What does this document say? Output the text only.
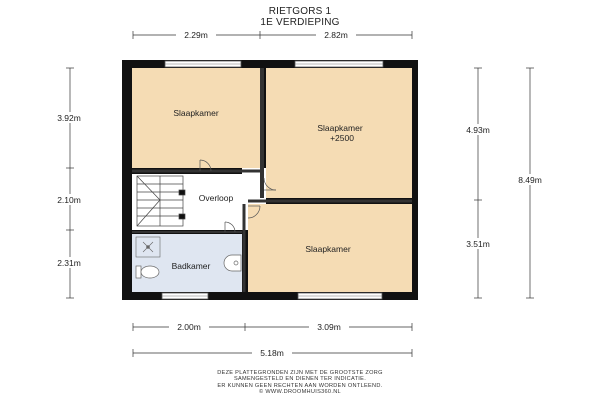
RIETGORS 1
1E VERDIEPING
Slaapkamer
Slaapkamer
+2500
Overloop
Badkamer
Slaapkamer
2.29m	2.82m
3.92m
2.10m
2.31m
4.93m
3.51m
8.49m
2.00m	3.09m
5.18m
DEZE PLATTEGRONDEN ZIJN MET DE GROOTSTE ZORG
SAMENGESTELD EN DIENEN TER INDICATIE.
ER KUNNEN GEEN RECHTEN AAN WORDEN ONTLEEND.
© WWW.DROOMHUIS360.NL
